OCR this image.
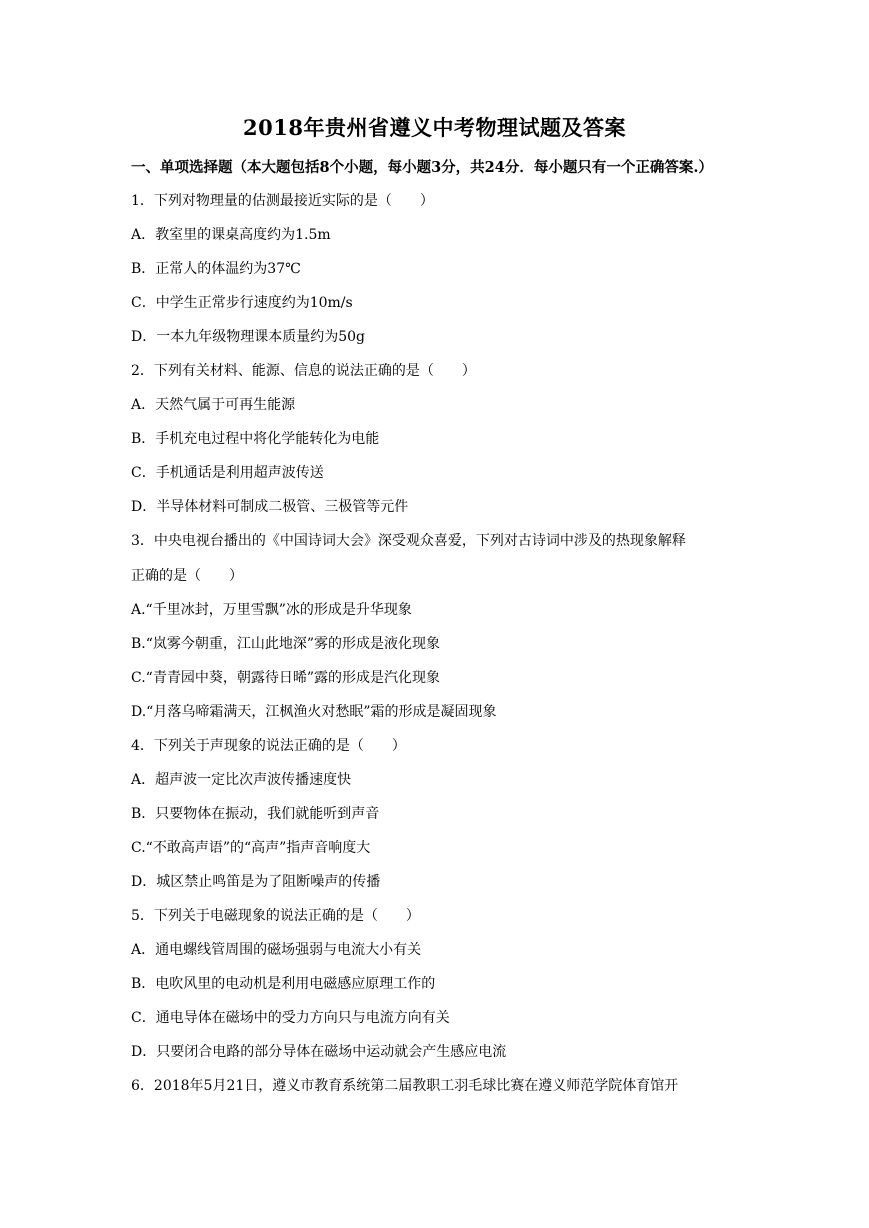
2018年贵州省遵义中考物理试题及答案
一、单项选择题（本大题包括8个小题，每小题3分，共24分．每小题只有一个正确答案.）
1．下列对物理量的估测最接近实际的是（　　）
A．教室里的课桌高度约为1.5m
B．正常人的体温约为37℃
C．中学生正常步行速度约为10m/s
D．一本九年级物理课本质量约为50g
2．下列有关材料、能源、信息的说法正确的是（　　）
A．天然气属于可再生能源
B．手机充电过程中将化学能转化为电能
C．手机通话是利用超声波传送
D．半导体材料可制成二极管、三极管等元件
3．中央电视台播出的《中国诗词大会》深受观众喜爱，下列对古诗词中涉及的热现象解释
正确的是（　　）
A.“千里冰封，万里雪飘”冰的形成是升华现象
B.“岚雾今朝重，江山此地深”雾的形成是液化现象
C.“青青园中葵，朝露待日晞”露的形成是汽化现象
D.“月落乌啼霜满天，江枫渔火对愁眠”霜的形成是凝固现象
4．下列关于声现象的说法正确的是（　　）
A．超声波一定比次声波传播速度快
B．只要物体在振动，我们就能听到声音
C.“不敢高声语”的“高声”指声音响度大
D．城区禁止鸣笛是为了阻断噪声的传播
5．下列关于电磁现象的说法正确的是（　　）
A．通电螺线管周围的磁场强弱与电流大小有关
B．电吹风里的电动机是利用电磁感应原理工作的
C．通电导体在磁场中的受力方向只与电流方向有关
D．只要闭合电路的部分导体在磁场中运动就会产生感应电流
6．2018年5月21日，遵义市教育系统第二届教职工羽毛球比赛在遵义师范学院体育馆开
